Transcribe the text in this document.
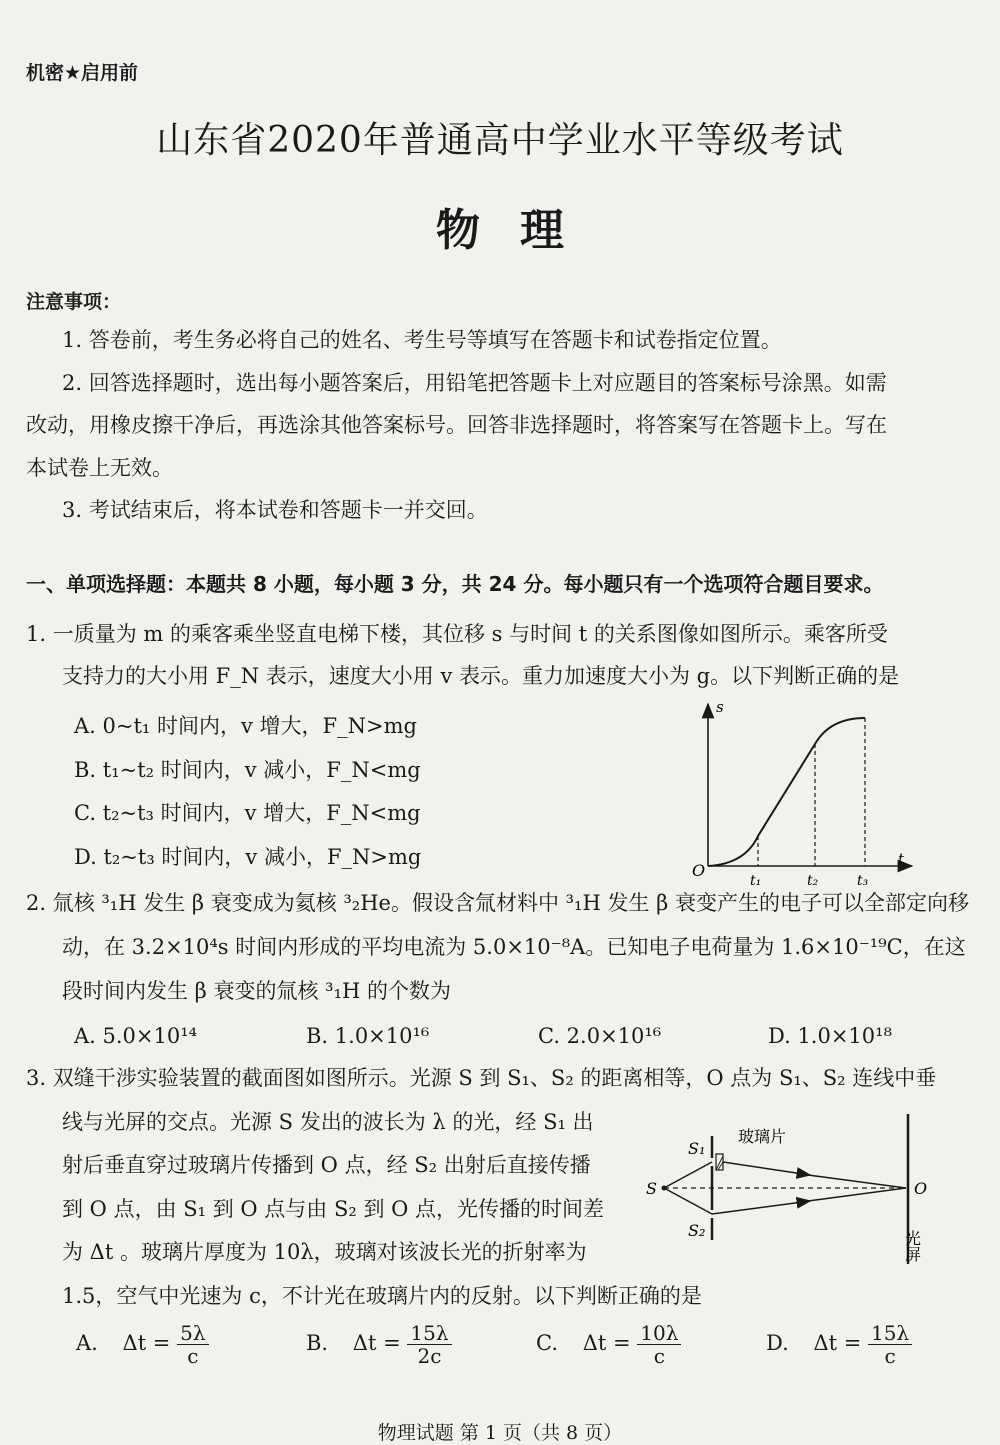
机密★启用前
山东省2020年普通高中学业水平等级考试
物理
注意事项：
1. 答卷前，考生务必将自己的姓名、考生号等填写在答题卡和试卷指定位置。
2. 回答选择题时，选出每小题答案后，用铅笔把答题卡上对应题目的答案标号涂黑。如需
改动，用橡皮擦干净后，再选涂其他答案标号。回答非选择题时，将答案写在答题卡上。写在
本试卷上无效。
3. 考试结束后，将本试卷和答题卡一并交回。
一、单项选择题：本题共 8 小题，每小题 3 分，共 24 分。每小题只有一个选项符合题目要求。
1. 一质量为 m 的乘客乘坐竖直电梯下楼，其位移 s 与时间 t 的关系图像如图所示。乘客所受
支持力的大小用 F_N 表示，速度大小用 v 表示。重力加速度大小为 g。以下判断正确的是
A. 0~t₁ 时间内，v 增大，F_N>mg
B. t₁~t₂ 时间内，v 减小，F_N<mg
C. t₂~t₃ 时间内，v 增大，F_N<mg
D. t₂~t₃ 时间内，v 减小，F_N>mg
s
t
O
t₁	t₂	t₃
2. 氚核 ³₁H 发生 β 衰变成为氦核 ³₂He。假设含氚材料中 ³₁H 发生 β 衰变产生的电子可以全部定向移
动，在 3.2×10⁴s 时间内形成的平均电流为 5.0×10⁻⁸A。已知电子电荷量为 1.6×10⁻¹⁹C，在这
段时间内发生 β 衰变的氚核 ³₁H 的个数为
A. 5.0×10¹⁴	B. 1.0×10¹⁶	C. 2.0×10¹⁶	D. 1.0×10¹⁸
3. 双缝干涉实验装置的截面图如图所示。光源 S 到 S₁、S₂ 的距离相等，O 点为 S₁、S₂ 连线中垂
线与光屏的交点。光源 S 发出的波长为 λ 的光，经 S₁ 出
射后垂直穿过玻璃片传播到 O 点，经 S₂ 出射后直接传播
到 O 点，由 S₁ 到 O 点与由 S₂ 到 O 点，光传播的时间差
为 Δt 。玻璃片厚度为 10λ，玻璃对该波长光的折射率为
1.5，空气中光速为 c，不计光在玻璃片内的反射。以下判断正确的是
S
S₁
S₂
O
玻璃片
光屏
A. $\Delta t = \frac{5\lambda}{c}$	B. $\Delta t = \frac{15\lambda}{2c}$	C. $\Delta t = \frac{10\lambda}{c}$	D. $\Delta t = \frac{15\lambda}{c}$
物理试题 第 1 页（共 8 页）
